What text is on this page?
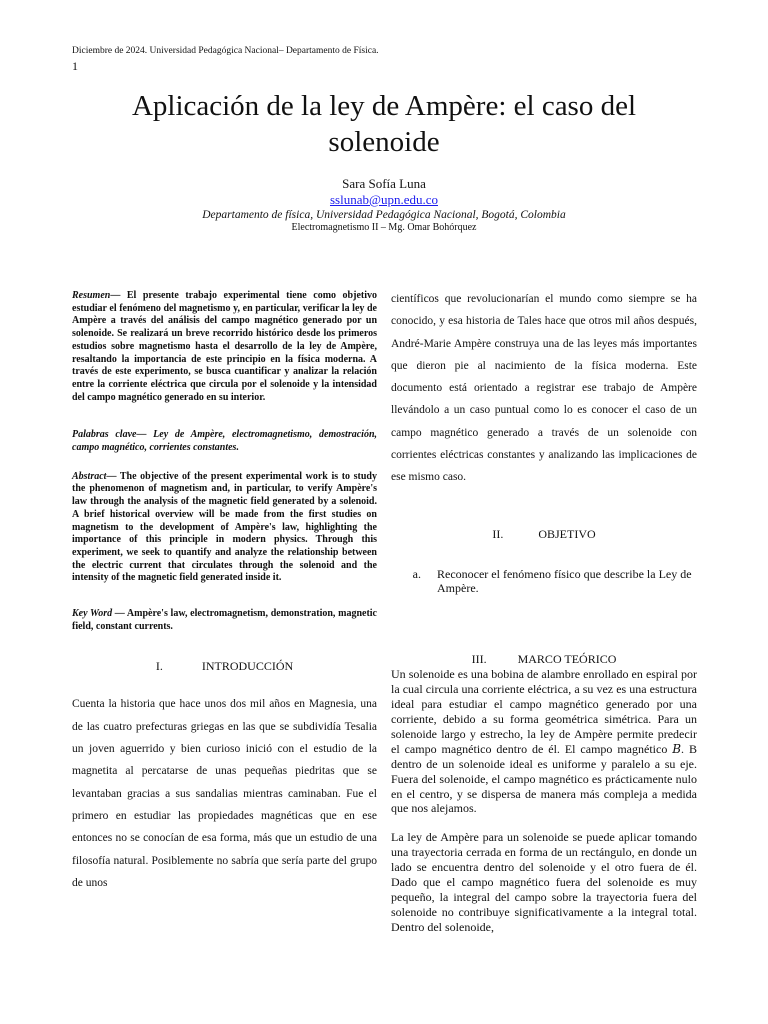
Diciembre de 2024. Universidad Pedagógica Nacional– Departamento de Física.
1
Aplicación de la ley de Ampère: el caso del solenoide
Sara Sofía Luna
sslunab@upn.edu.co
Departamento de física, Universidad Pedagógica Nacional, Bogotá, Colombia
Electromagnetismo II – Mg. Omar Bohórquez

Resumen— El presente trabajo experimental tiene como objetivo estudiar el fenómeno del magnetismo y, en particular, verificar la ley de Ampère a través del análisis del campo magnético generado por un solenoide. Se realizará un breve recorrido histórico desde los primeros estudios sobre magnetismo hasta el desarrollo de la ley de Ampère, resaltando la importancia de este principio en la física moderna. A través de este experimento, se busca cuantificar y analizar la relación entre la corriente eléctrica que circula por el solenoide y la intensidad del campo magnético generado en su interior.

Palabras clave— Ley de Ampère, electromagnetismo, demostración, campo magnético, corrientes constantes.

Abstract— The objective of the present experimental work is to study the phenomenon of magnetism and, in particular, to verify Ampère's law through the analysis of the magnetic field generated by a solenoid. A brief historical overview will be made from the first studies on magnetism to the development of Ampère's law, highlighting the importance of this principle in modern physics. Through this experiment, we seek to quantify and analyze the relationship between the electric current that circulates through the solenoid and the intensity of the magnetic field generated inside it.

Key Word — Ampère's law, electromagnetism, demonstration, magnetic field, constant currents.

I.	INTRODUCCIÓN

Cuenta la historia que hace unos dos mil años en Magnesia, una de las cuatro prefecturas griegas en las que se subdividía Tesalia un joven aguerrido y bien curioso inició con el estudio de la magnetita al percatarse de unas pequeñas piedritas que se levantaban gracias a sus sandalias mientras caminaban. Fue el primero en estudiar las propiedades magnéticas que en ese entonces no se conocían de esa forma, más que un estudio de una filosofía natural. Posiblemente no sabría que sería parte del grupo de unos

científicos que revolucionarían el mundo como siempre se ha conocido, y esa historia de Tales hace que otros mil años después, André-Marie Ampère construya una de las leyes más importantes que dieron pie al nacimiento de la física moderna. Este documento está orientado a registrar ese trabajo de Ampère llevándolo a un caso puntual como lo es conocer el caso de un campo magnético generado a través de un solenoide con corrientes eléctricas constantes y analizando las implicaciones de ese mismo caso.

II.	OBJETIVO
a.	Reconocer el fenómeno físico que describe la Ley de Ampère.
III.	MARCO TEÓRICO

Un solenoide es una bobina de alambre enrollado en espiral por la cual circula una corriente eléctrica, a su vez es una estructura ideal para estudiar el campo magnético generado por una corriente, debido a su forma geométrica simétrica. Para un solenoide largo y estrecho, la ley de Ampère permite predecir el campo magnético dentro de él. El campo magnético 𝐵. B dentro de un solenoide ideal es uniforme y paralelo a su eje. Fuera del solenoide, el campo magnético es prácticamente nulo en el centro, y se dispersa de manera más compleja a medida que nos alejamos.

La ley de Ampère para un solenoide se puede aplicar tomando una trayectoria cerrada en forma de un rectángulo, en donde un lado se encuentra dentro del solenoide y el otro fuera de él. Dado que el campo magnético fuera del solenoide es muy pequeño, la integral del campo sobre la trayectoria fuera del solenoide no contribuye significativamente a la integral total. Dentro del solenoide,
